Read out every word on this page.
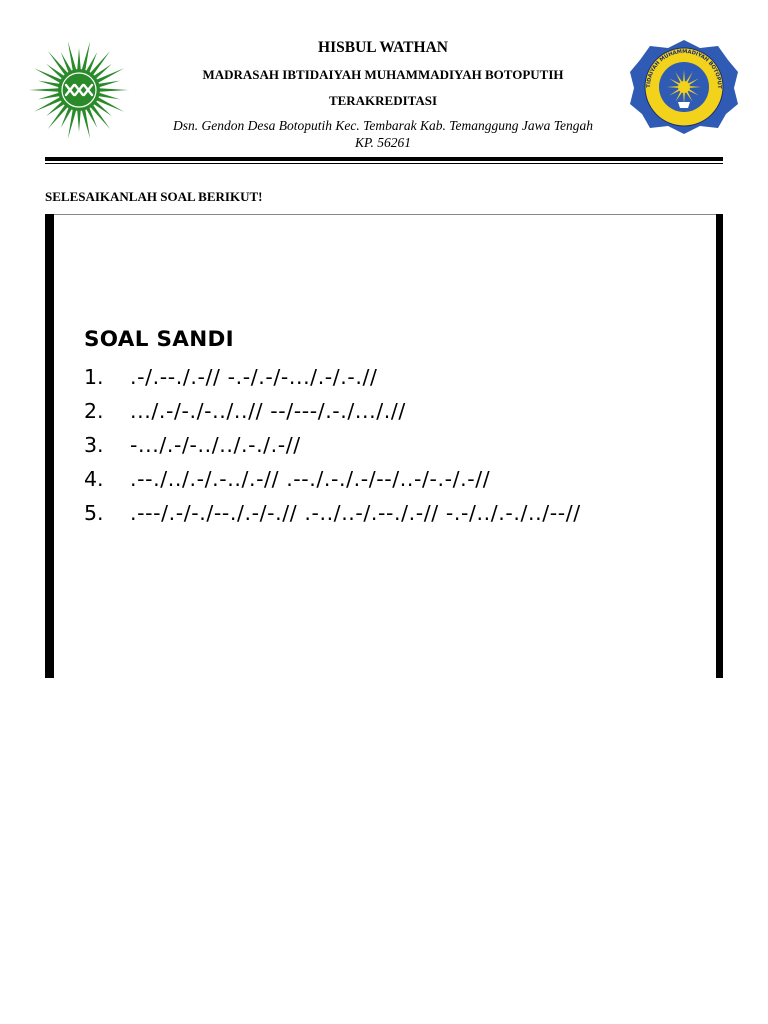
TIDAIYAH MUHAMMADIYAH BOTOPUT
HISBUL WATHAN
MADRASAH IBTIDAIYAH MUHAMMADIYAH BOTOPUTIH
TERAKREDITASI
Dsn. Gendon Desa Botoputih Kec. Tembarak Kab. Temanggung Jawa Tengah
KP. 56261
SELESAIKANLAH SOAL BERIKUT!
SOAL SANDI
1. .-/.--./.-// -.-/.-/-.../.-/.-.//
2. .../.-/-./-../..// --/---/.-./..././/
3. -.../.-/-../../.-./.-//
4. .--./../.-/.-../.-// .--./.-./.-/--/..-/-.-/.-//
5. .---/.-/-./--./.-/-.// .-../..-/.--./.-// -.-/../.-./../--//
